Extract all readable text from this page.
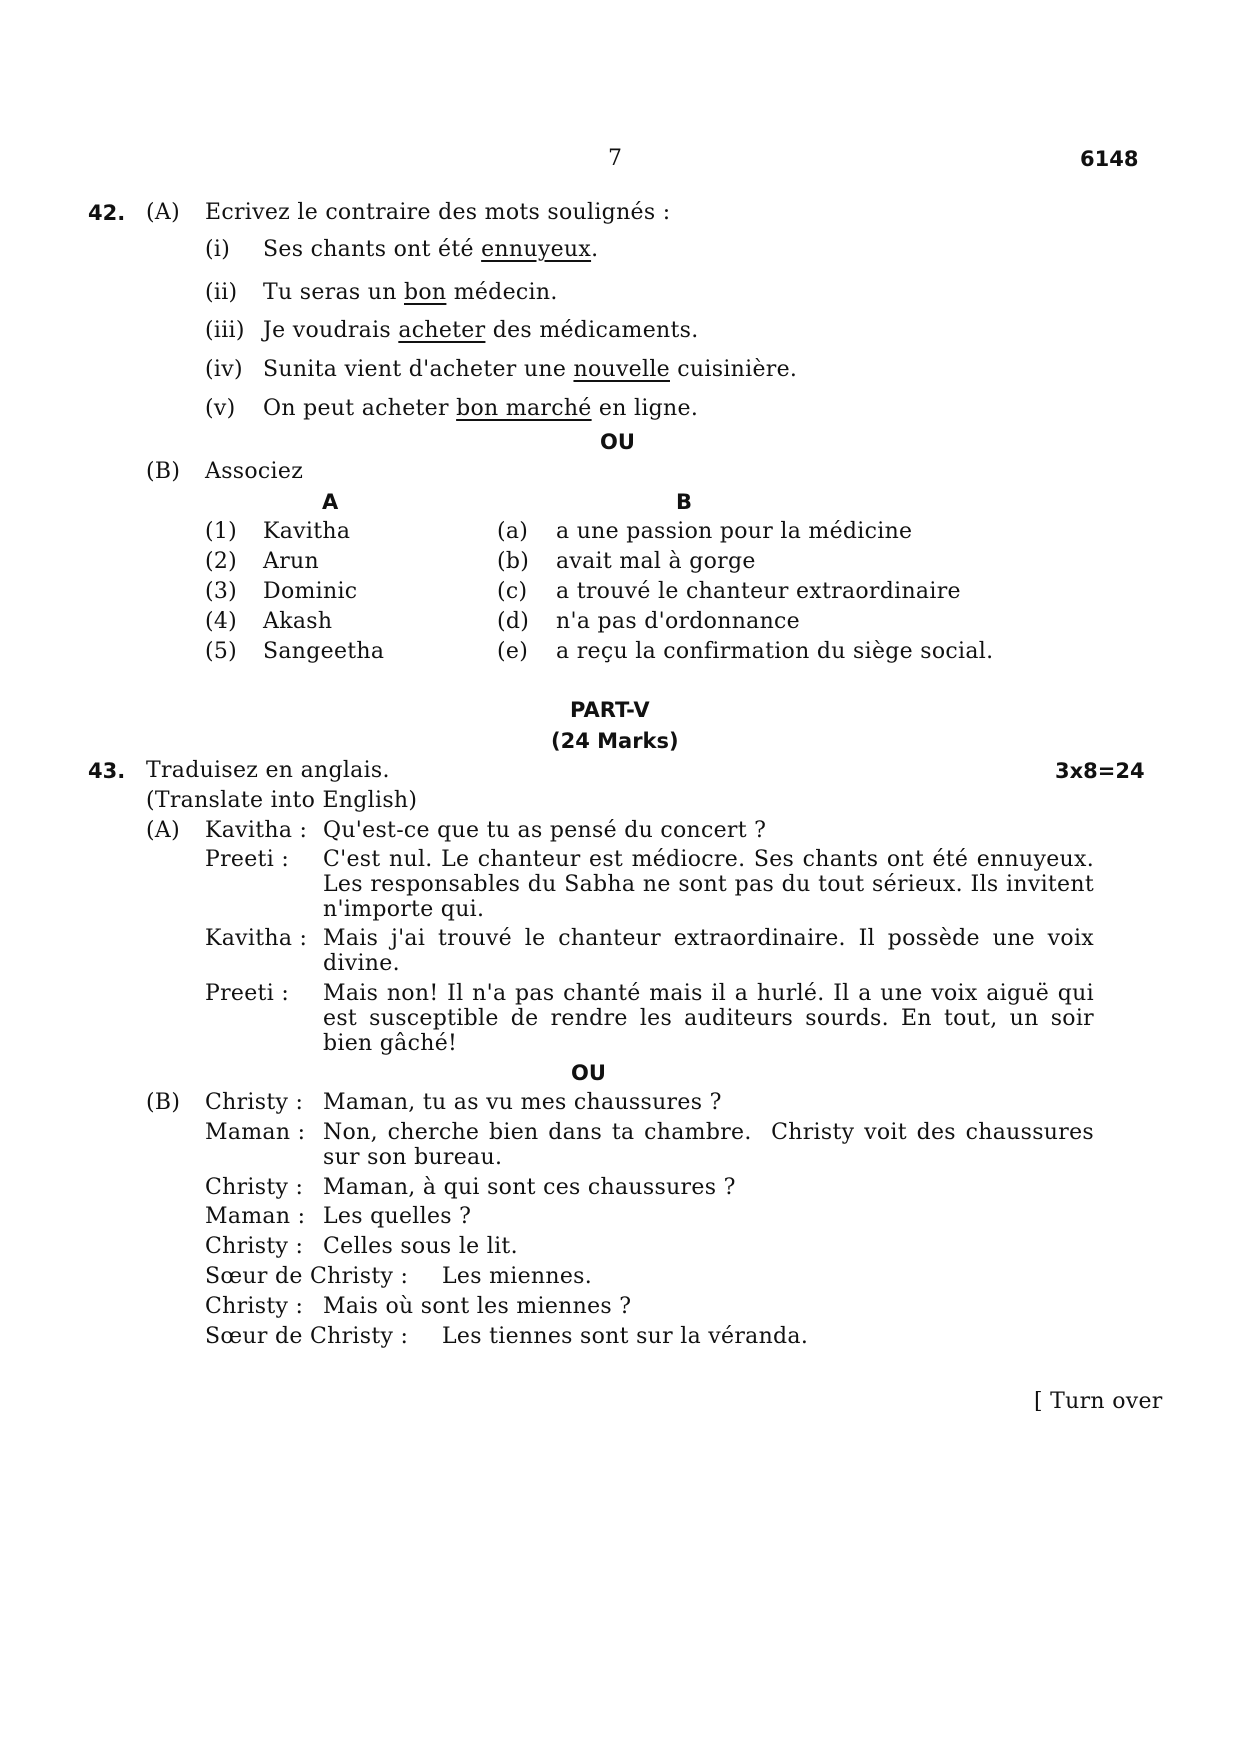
7	6148
42. (A) Ecrivez le contraire des mots soulignés :
(i) Ses chants ont été ennuyeux.
(ii) Tu seras un bon médecin.
(iii) Je voudrais acheter des médicaments.
(iv) Sunita vient d'acheter une nouvelle cuisinière.
(v) On peut acheter bon marché en ligne.
OU
(B) Associez
A	B
(1) Kavitha	(a) a une passion pour la médicine
(2) Arun	(b) avait mal à gorge
(3) Dominic	(c) a trouvé le chanteur extraordinaire
(4) Akash	(d) n'a pas d'ordonnance
(5) Sangeetha	(e) a reçu la confirmation du siège social.
PART-V
(24 Marks)
43. Traduisez en anglais.	3x8=24
(Translate into English)
(A) Kavitha : Qu'est-ce que tu as pensé du concert ?
Preeti : C'est nul. Le chanteur est médiocre. Ses chants ont été ennuyeux. Les responsables du Sabha ne sont pas du tout sérieux. Ils invitent n'importe qui.
Kavitha : Mais j'ai trouvé le chanteur extraordinaire. Il possède une voix divine.
Preeti : Mais non! Il n'a pas chanté mais il a hurlé. Il a une voix aiguë qui est susceptible de rendre les auditeurs sourds. En tout, un soir bien gâché!
OU
(B) Christy : Maman, tu as vu mes chaussures ?
Maman : Non, cherche bien dans ta chambre.  Christy voit des chaussures sur son bureau.
Christy : Maman, à qui sont ces chaussures ?
Maman : Les quelles ?
Christy : Celles sous le lit.
Sœur de Christy : Les miennes.
Christy : Mais où sont les miennes ?
Sœur de Christy : Les tiennes sont sur la véranda.
[ Turn over
